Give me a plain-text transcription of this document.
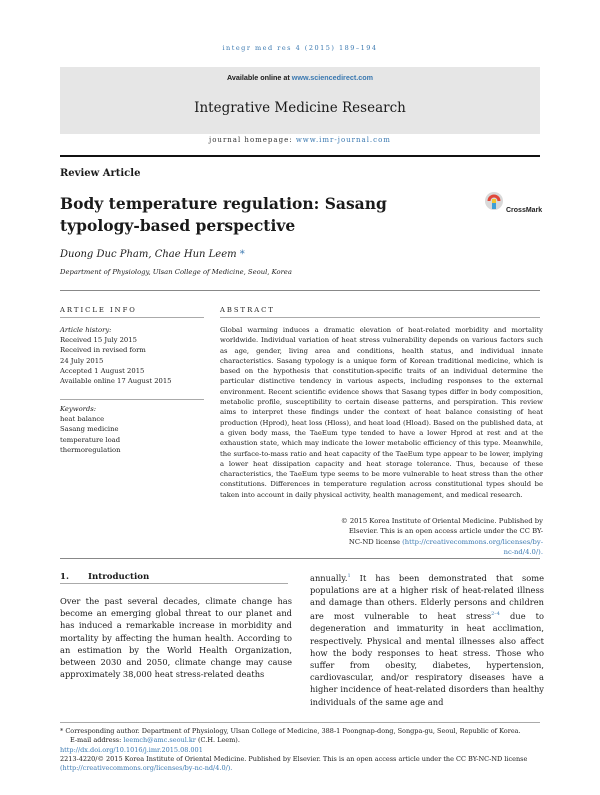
integr med res 4 (2015) 189–194
Available online at www.sciencedirect.com
Integrative Medicine Research
journal homepage: www.imr-journal.com
Review Article
Body temperature regulation: Sasang typology-based perspective
CrossMark
Duong Duc Pham, Chae Hun Leem *
Department of Physiology, Ulsan College of Medicine, Seoul, Korea
ARTICLE INFO	ABSTRACT
Article history:
Received 15 July 2015
Received in revised form
24 July 2015
Accepted 1 August 2015
Available online 17 August 2015
Keywords:
heat balance
Sasang medicine
temperature load
thermoregulation
Global warming induces a dramatic elevation of heat-related morbidity and mortality worldwide. Individual variation of heat stress vulnerability depends on various factors such as age, gender, living area and conditions, health status, and individual innate characteristics. Sasang typology is a unique form of Korean traditional medicine, which is based on the hypothesis that constitution-specific traits of an individual determine the particular distinctive tendency in various aspects, including responses to the external environment. Recent scientific evidence shows that Sasang types differ in body composition, metabolic profile, susceptibility to certain disease patterns, and perspiration. This review aims to interpret these findings under the context of heat balance consisting of heat production (Hprod), heat loss (Hloss), and heat load (Hload). Based on the published data, at a given body mass, the TaeEum type tended to have a lower Hprod at rest and at the exhaustion state, which may indicate the lower metabolic efficiency of this type. Meanwhile, the surface-to-mass ratio and heat capacity of the TaeEum type appear to be lower, implying a lower heat dissipation capacity and heat storage tolerance. Thus, because of these characteristics, the TaeEum type seems to be more vulnerable to heat stress than the other constitutions. Differences in temperature regulation across constitutional types should be taken into account in daily physical activity, health management, and medical research.
© 2015 Korea Institute of Oriental Medicine. Published by Elsevier. This is an open access article under the CC BY-NC-ND license (http://creativecommons.org/licenses/by-nc-nd/4.0/).
1. Introduction
Over the past several decades, climate change has become an emerging global threat to our planet and has induced a remarkable increase in morbidity and mortality by affecting the human health. According to an estimation by the World Health Organization, between 2030 and 2050, climate change may cause approximately 38,000 heat stress-related deaths
annually.$^1$ It has been demonstrated that some populations are at a higher risk of heat-related illness and damage than others. Elderly persons and children are most vulnerable to heat stress$^{2-4}$ due to degeneration and immaturity in heat acclimation, respectively. Physical and mental illnesses also affect how the body responses to heat stress. Those who suffer from obesity, diabetes, hypertension, cardiovascular, and/or respiratory diseases have a higher incidence of heat-related disorders than healthy individuals of the same age and

* Corresponding author. Department of Physiology, Ulsan College of Medicine, 388-1 Poongnap-dong, Songpa-gu, Seoul, Republic of Korea.

E-mail address: leemch@amc.seoul.kr (C.H. Leem).

http://dx.doi.org/10.1016/j.imr.2015.08.001

2213-4220/© 2015 Korea Institute of Oriental Medicine. Published by Elsevier. This is an open access article under the CC BY-NC-ND license

(http://creativecommons.org/licenses/by-nc-nd/4.0/).
